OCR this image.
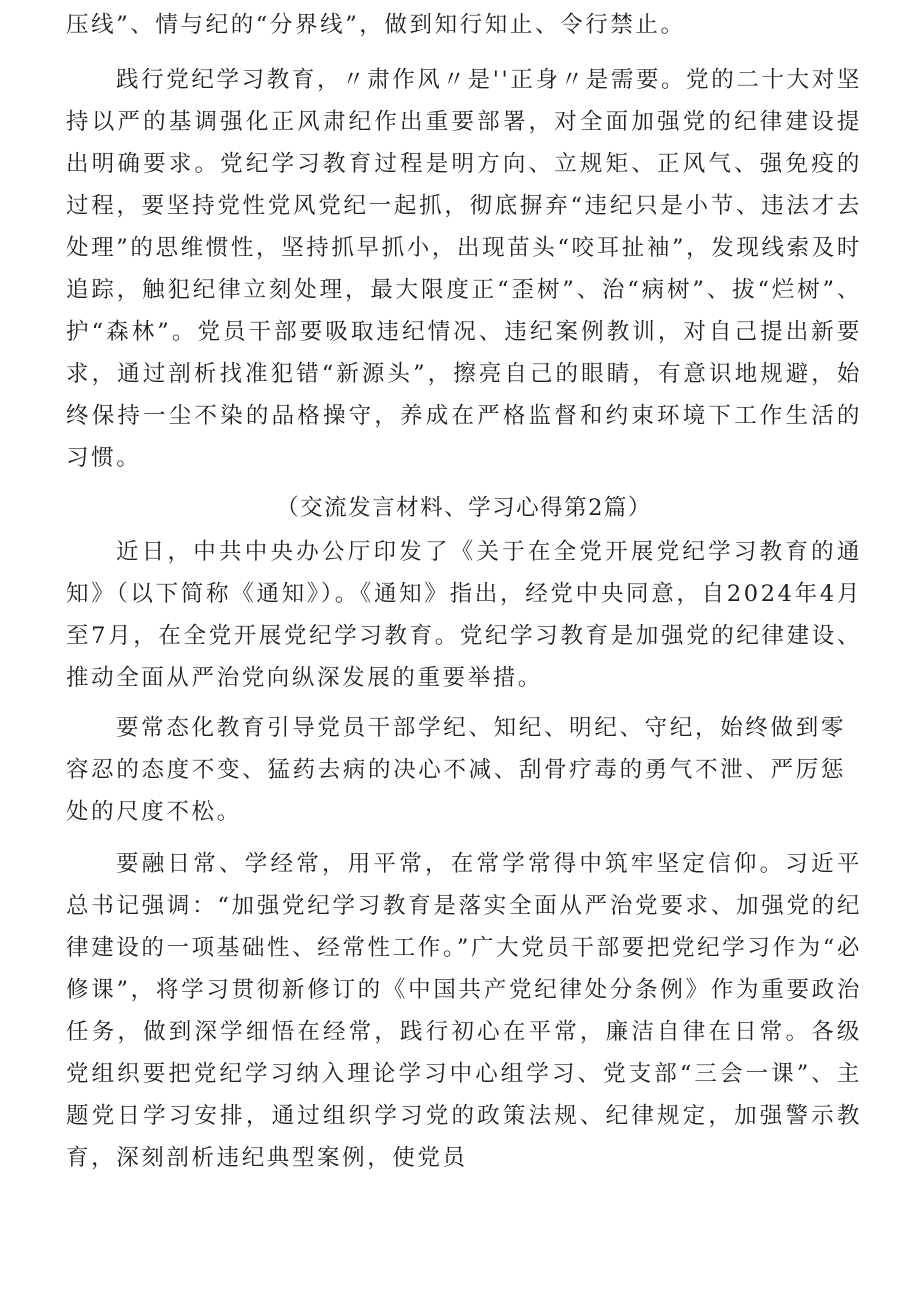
压线”、情与纪的“分界线”，做到知行知止、令行禁止。

践行党纪学习教育，〃肃作风〃是''正身〃是需要。党的二十大对坚持以严的基调强化正风肃纪作出重要部署，对全面加强党的纪律建设提出明确要求。党纪学习教育过程是明方向、立规矩、正风气、强免疫的过程，要坚持党性党风党纪一起抓，彻底摒弃“违纪只是小节、违法才去处理”的思维惯性，坚持抓早抓小，出现苗头“咬耳扯袖”，发现线索及时追踪，触犯纪律立刻处理，最大限度正“歪树”、治“病树”、拔“烂树”、护“森林”。党员干部要吸取违纪情况、违纪案例教训，对自己提出新要求，通过剖析找准犯错“新源头”，擦亮自己的眼睛，有意识地规避，始终保持一尘不染的品格操守，养成在严格监督和约束环境下工作生活的习惯。

（交流发言材料、学习心得第2篇）

近日，中共中央办公厅印发了《关于在全党开展党纪学习教育的通知》（以下简称《通知》）。《通知》指出，经党中央同意，自2024年4月至7月，在全党开展党纪学习教育。党纪学习教育是加强党的纪律建设、推动全面从严治党向纵深发展的重要举措。

要常态化教育引导党员干部学纪、知纪、明纪、守纪，始终做到零容忍的态度不变、猛药去病的决心不减、刮骨疗毒的勇气不泄、严厉惩处的尺度不松。

要融日常、学经常，用平常，在常学常得中筑牢坚定信仰。习近平总书记强调：“加强党纪学习教育是落实全面从严治党要求、加强党的纪律建设的一项基础性、经常性工作。”广大党员干部要把党纪学习作为“必修课”，将学习贯彻新修订的《中国共产党纪律处分条例》作为重要政治任务，做到深学细悟在经常，践行初心在平常，廉洁自律在日常。各级党组织要把党纪学习纳入理论学习中心组学习、党支部“三会一课”、主题党日学习安排，通过组织学习党的政策法规、纪律规定，加强警示教育，深刻剖析违纪典型案例，使党员
